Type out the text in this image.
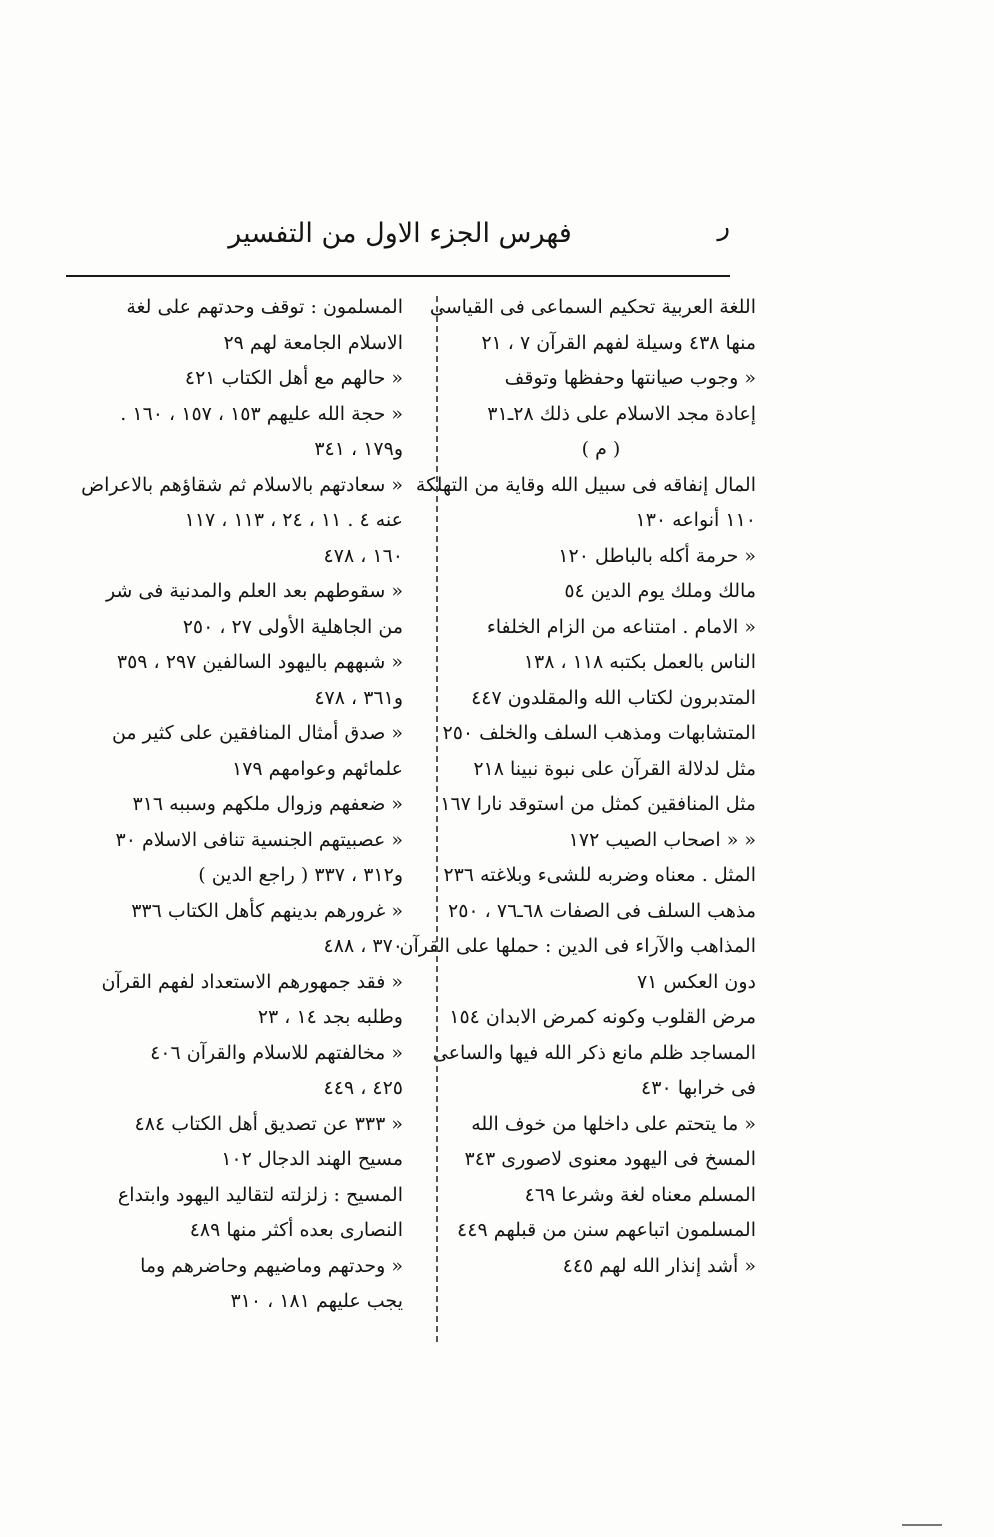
فهرس الجزء الاول من التفسير	ر
اللغة العربية تحكيم السماعى فى القياسى
منها ٤٣٨ وسيلة لفهم القرآن ٧ ، ٢١
« وجوب صيانتها وحفظها وتوقف
إعادة مجد الاسلام على ذلك ٢٨ـ٣١
( م )
المال إنفاقه فى سبيل الله وقاية من التهلكة
١١٠ أنواعه ١٣٠
« حرمة أكله بالباطل ١٢٠
مالك وملك يوم الدين ٥٤
« الامام . امتناعه من الزام الخلفاء
الناس بالعمل بكتبه ١١٨ ، ١٣٨
المتدبرون لكتاب الله والمقلدون ٤٤٧
المتشابهات ومذهب السلف والخلف ٢٥٠
مثل لدلالة القرآن على نبوة نبينا ٢١٨
مثل المنافقين كمثل من استوقد نارا ١٦٧
« « اصحاب الصيب ١٧٢
المثل . معناه وضربه للشىء وبلاغته ٢٣٦
مذهب السلف فى الصفات ٦٨ـ٧٦ ، ٢٥٠
المذاهب والآراء فى الدين : حملها على القرآن
دون العكس ٧١
مرض القلوب وكونه كمرض الابدان ١٥٤
المساجد ظلم مانع ذكر الله فيها والساعى
فى خرابها ٤٣٠
« ما يتحتم على داخلها من خوف الله
المسخ فى اليهود معنوى لاصورى ٣٤٣
المسلم معناه لغة وشرعا ٤٦٩
المسلمون اتباعهم سنن من قبلهم ٤٤٩
« أشد إنذار الله لهم ٤٤٥
المسلمون : توقف وحدتهم على لغة
الاسلام الجامعة لهم ٢٩
« حالهم مع أهل الكتاب ٤٢١
« حجة الله عليهم ١٥٣ ، ١٥٧ ، ١٦٠ .
و١٧٩ ، ٣٤١
« سعادتهم بالاسلام ثم شقاؤهم بالاعراض
عنه ٤ . ١١ ، ٢٤ ، ١١٣ ، ١١٧
١٦٠ ، ٤٧٨
« سقوطهم بعد العلم والمدنية فى شر
من الجاهلية الأولى ٢٧ ، ٢٥٠
« شبههم باليهود السالفين ٢٩٧ ، ٣٥٩
و٣٦١ ، ٤٧٨
« صدق أمثال المنافقين على كثير من
علمائهم وعوامهم ١٧٩
« ضعفهم وزوال ملكهم وسببه ٣١٦
« عصبيتهم الجنسية تنافى الاسلام ٣٠
و٣١٢ ، ٣٣٧ ( راجع الدين )
« غرورهم بدينهم كأهل الكتاب ٣٣٦
٣٧٠ ، ٤٨٨
« فقد جمهورهم الاستعداد لفهم القرآن
وطلبه بجد ١٤ ، ٢٣
« مخالفتهم للاسلام والقرآن ٤٠٦
٤٢٥ ، ٤٤٩
« ٣٣٣ عن تصديق أهل الكتاب ٤٨٤
مسيح الهند الدجال ١٠٢
المسيح : زلزلته لتقاليد اليهود وابتداع
النصارى بعده أكثر منها ٤٨٩
« وحدتهم وماضيهم وحاضرهم وما
يجب عليهم ١٨١ ، ٣١٠
